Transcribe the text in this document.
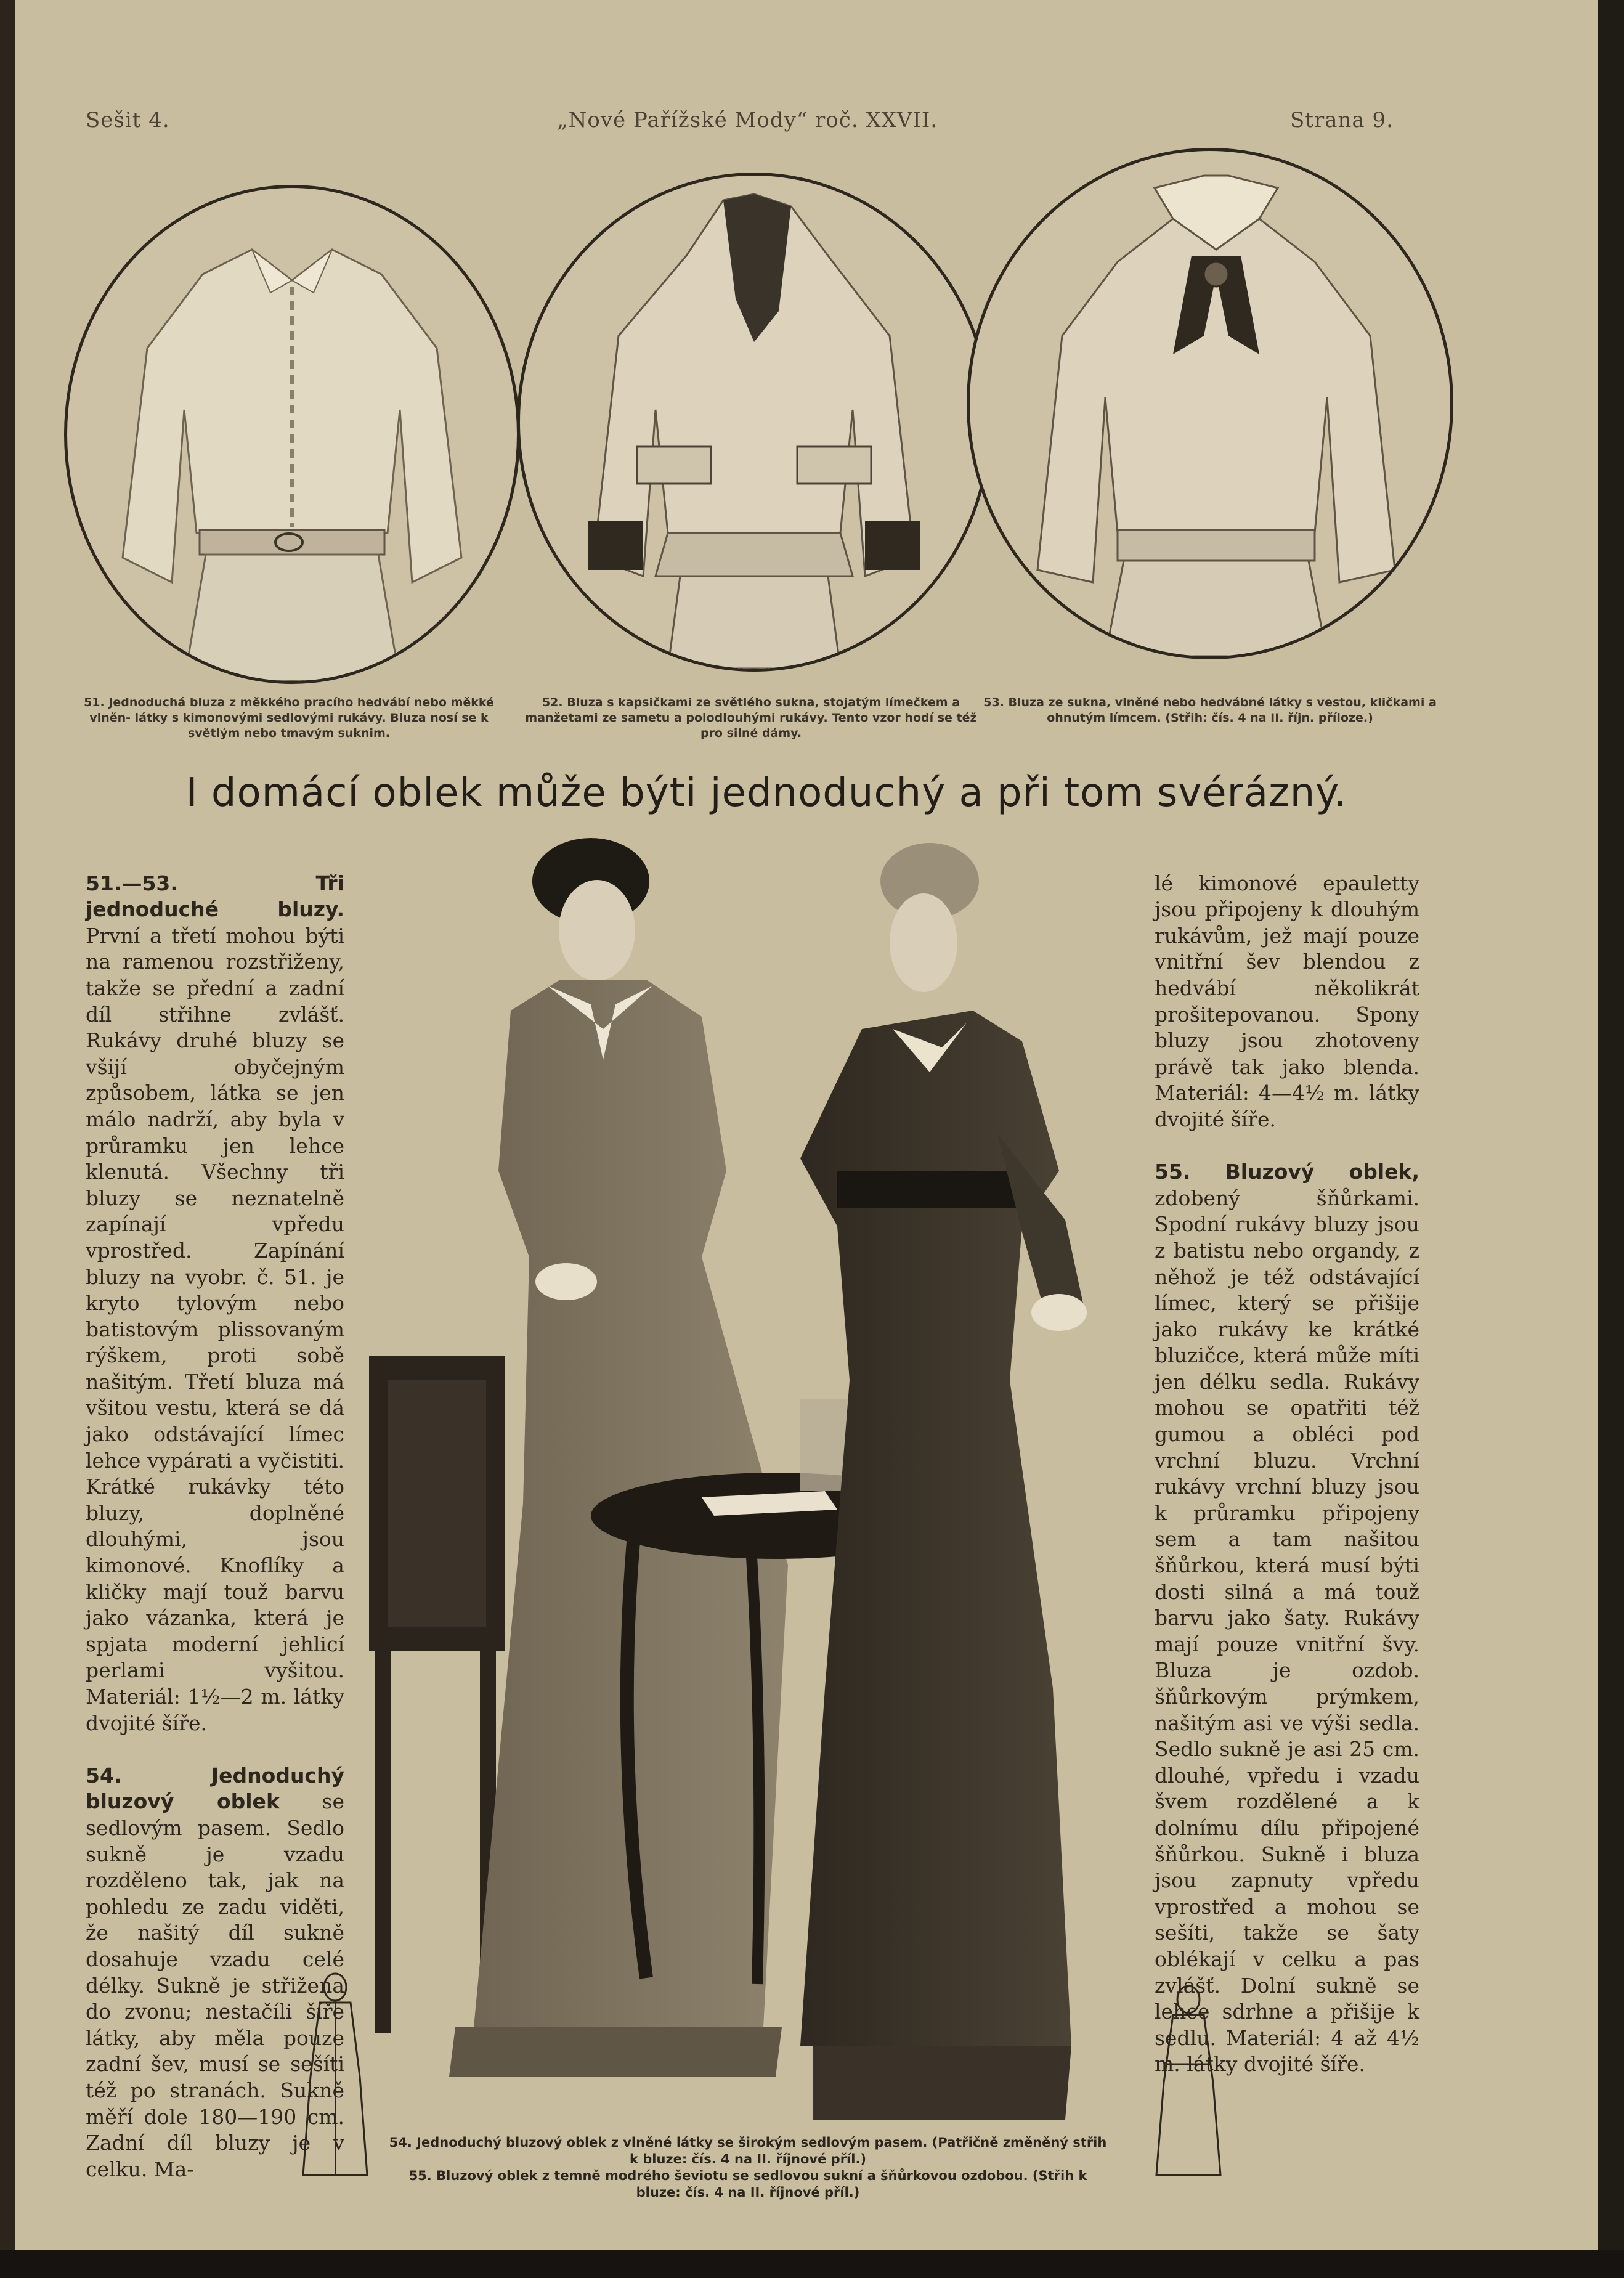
Sešit 4.	„Nové Pařížské Mody“ roč. XXVII.	Strana 9.
51. Jednoduchá bluza z měkkého pracího hedvábí nebo měkké vlněn- látky s kimonovými sedlovými rukávy. Bluza nosí se k světlým nebo tmavým suknim.
52. Bluza s kapsičkami ze světlého sukna, stojatým límečkem a manžetami ze sametu a polodlouhými rukávy. Tento vzor hodí se též pro silné dámy.
53. Bluza ze sukna, vlněné nebo hedvábné látky s vestou, kličkami a ohnutým límcem. (Střih: čís. 4 na II. říjn. příloze.)
I domácí oblek může býti jednoduchý a při tom svérázný.

51.—53. Tři jednoduché bluzy. První a třetí mohou býti na ramenou rozstřiženy, takže se přední a zadní díl střihne zvlášť. Rukávy druhé bluzy se všijí obyčejným způsobem, látka se jen málo nadrží, aby byla v průramku jen lehce klenutá. Všechny tři bluzy se neznatelně zapínají vpředu vprostřed. Zapínání bluzy na vyobr. č. 51. je kryto tylovým nebo batistovým plissovaným rýškem, proti sobě našitým. Třetí bluza má všitou vestu, která se dá jako odstávající límec lehce vypárati a vyčistiti. Krátké rukávky této bluzy, doplněné dlouhými, jsou kimonové. Knoflíky a kličky mají touž barvu jako vázanka, která je spjata moderní jehlicí perlami vyšitou. Materiál: 1½—2 m. látky dvojité šíře.

54. Jednoduchý bluzový oblek se sedlovým pasem. Sedlo sukně je vzadu rozděleno tak, jak na pohledu ze zadu viděti, že našitý díl sukně dosahuje vzadu celé délky. Sukně je střižena do zvonu; nestačíli šíře látky, aby měla pouze zadní šev, musí se sešíti též po stranách. Sukně měří dole 180—190 cm. Zadní díl bluzy je v celku. Ma-

54. Jednoduchý bluzový oblek z vlněné látky se širokým sedlovým pasem. (Patřičně změněný střih k bluze: čís. 4 na II. říjnové příl.)
55. Bluzový oblek z temně modrého ševiotu se sedlovou sukní a šňůrkovou ozdobou. (Střih k bluze: čís. 4 na II. říjnové příl.)

lé kimonové epauletty jsou připojeny k dlouhým rukávům, jež mají pouze vnitřní šev blendou z hedvábí několikrát prošitepovanou. Spony bluzy jsou zhotoveny právě tak jako blenda. Materiál: 4—4½ m. látky dvojité šíře.

55. Bluzový oblek, zdobený šňůrkami. Spodní rukávy bluzy jsou z batistu nebo organdy, z něhož je též odstávající límec, který se přišije jako rukávy ke krátké bluzičce, která může míti jen délku sedla. Rukávy mohou se opatřiti též gumou a obléci pod vrchní bluzu. Vrchní rukávy vrchní bluzy jsou k průramku připojeny sem a tam našitou šňůrkou, která musí býti dosti silná a má touž barvu jako šaty. Rukávy mají pouze vnitřní švy. Bluza je ozdob. šňůrkovým prýmkem, našitým asi ve výši sedla. Sedlo sukně je asi 25 cm. dlouhé, vpředu i vzadu švem rozdělené a k dolnímu dílu připojené šňůrkou. Sukně i bluza jsou zapnuty vpředu vprostřed a mohou se sešíti, takže se šaty oblékají v celku a pas zvlášť. Dolní sukně se lehce sdrhne a přišije k sedlu. Materiál: 4 až 4½ m. látky dvojité šíře.
